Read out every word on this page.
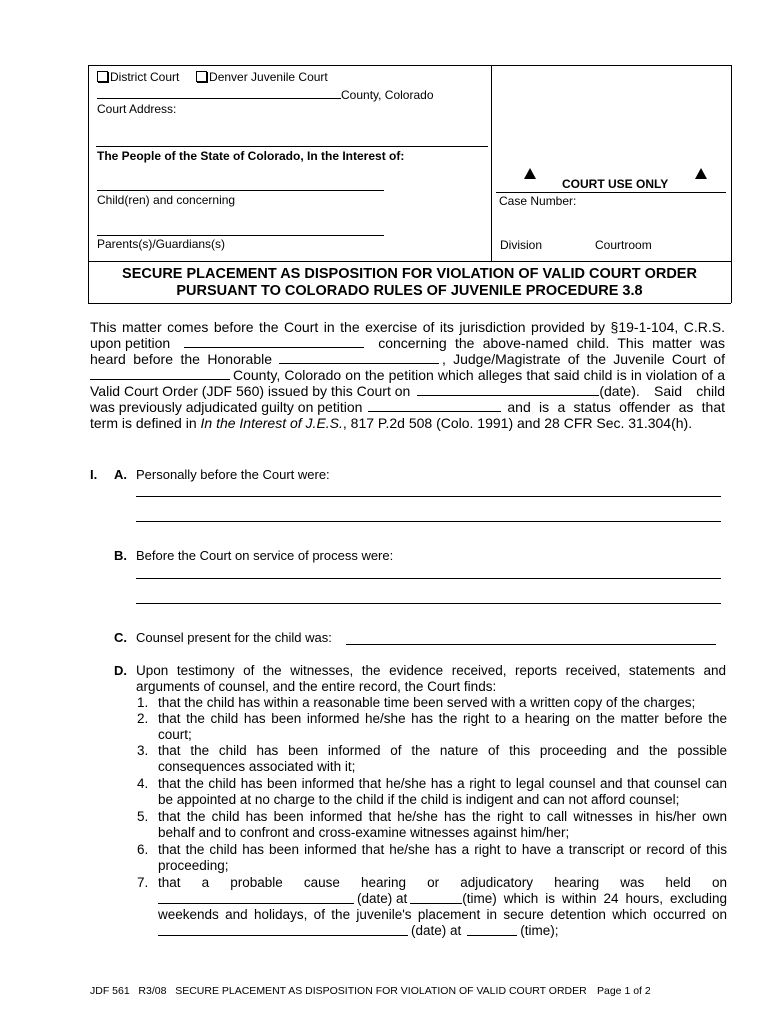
District Court Denver Juvenile Court
County, Colorado
Court Address:
The People of the State of Colorado, In the Interest of:
Child(ren) and concerning
Parents(s)/Guardians(s)
COURT USE ONLY
Case Number:
Division	Courtroom
SECURE PLACEMENT AS DISPOSITION FOR VIOLATION OF VALID COURT ORDER
PURSUANT TO COLORADO RULES OF JUVENILE PROCEDURE 3.8
This matter comes before the Court in the exercise of its jurisdiction provided by §19-1-104, C.R.S.
upon petition	concerning the above-named child. This matter was
heard before the Honorable	, Judge/Magistrate of the Juvenile Court of
County, Colorado on the petition which alleges that said child is in violation of a
Valid Court Order (JDF 560) issued by this Court on	(date). Said child
was previously adjudicated guilty on petition	and is a status offender as that
term is defined in In the Interest of J.E.S., 817 P.2d 508 (Colo. 1991) and 28 CFR Sec. 31.304(h).
I. A. Personally before the Court were:
B. Before the Court on service of process were:
C. Counsel present for the child was:
D. Upon testimony of the witnesses, the evidence received, reports received, statements and
arguments of counsel, and the entire record, the Court finds:
1. that the child has within a reasonable time been served with a written copy of the charges;
2. that the child has been informed he/she has the right to a hearing on the matter before the court;
3. that the child has been informed of the nature of this proceeding and the possible consequences associated with it;
4. that the child has been informed that he/she has a right to legal counsel and that counsel can be appointed at no charge to the child if the child is indigent and can not afford counsel;
5. that the child has been informed that he/she has the right to call witnesses in his/her own behalf and to confront and cross-examine witnesses against him/her;
6. that the child has been informed that he/she has a right to have a transcript or record of this proceeding;
7. that a probable cause hearing or adjudicatory hearing was held on
(date) at	(time) which is within 24 hours, excluding
weekends and holidays, of the juvenile's placement in secure detention which occurred on
(date) at	(time);
JDF 561   R3/08   SECURE PLACEMENT AS DISPOSITION FOR VIOLATION OF VALID COURT ORDER Page 1 of 2
